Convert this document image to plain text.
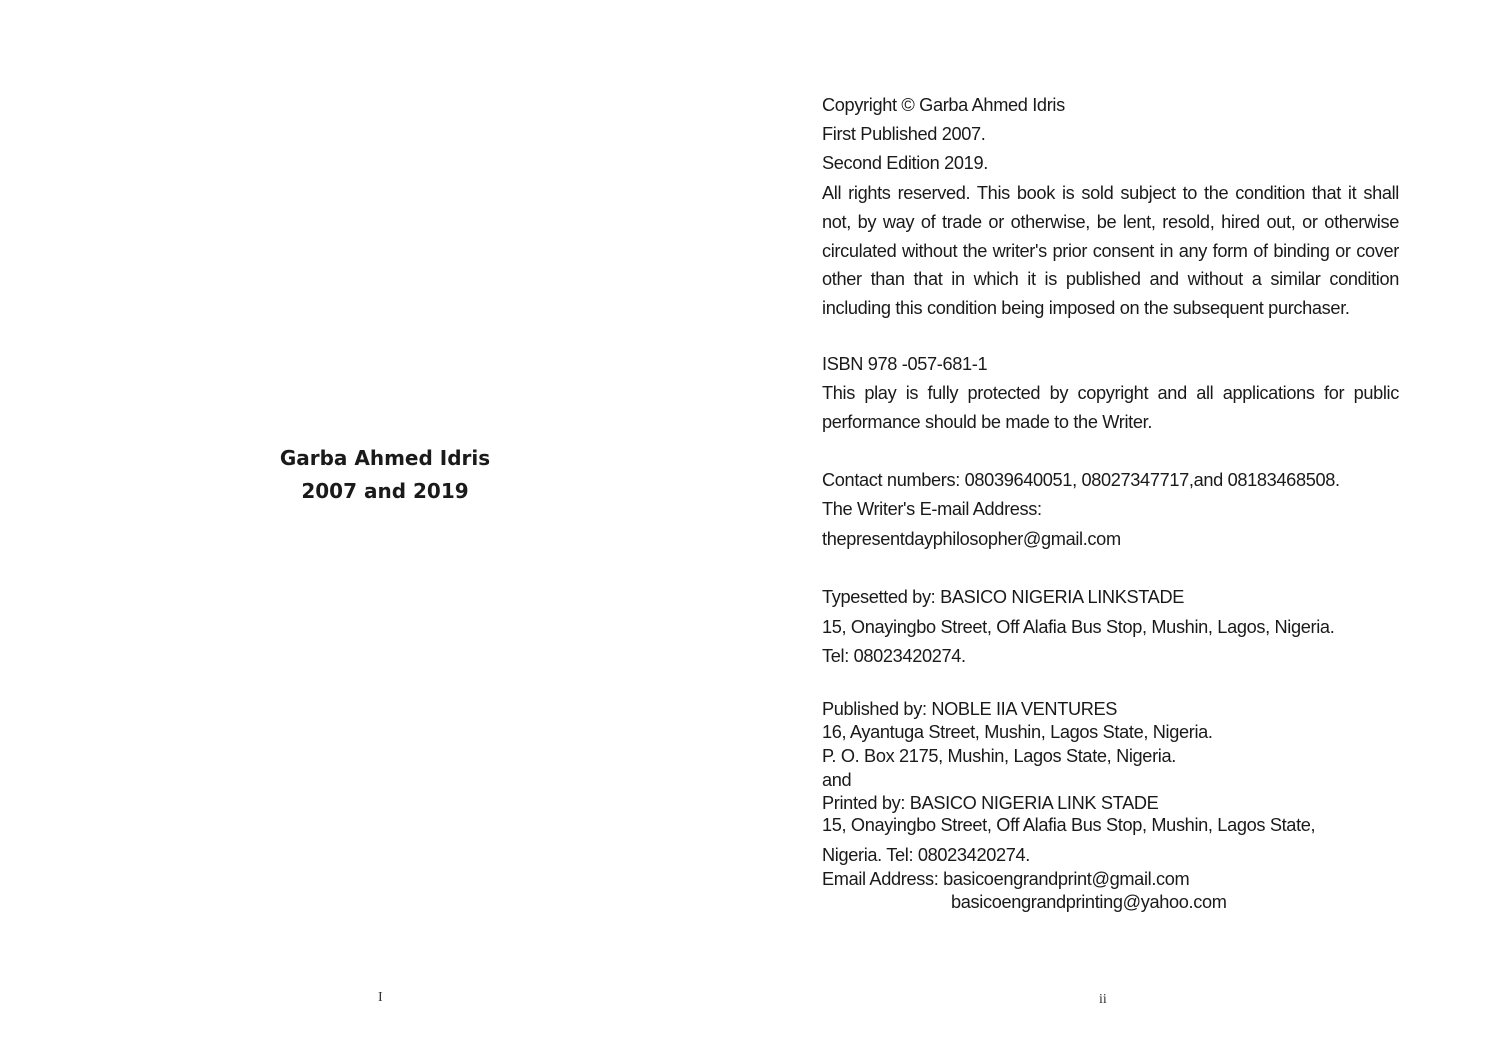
Garba Ahmed Idris
2007 and 2019
I
Copyright © Garba Ahmed Idris
First Published 2007.
Second Edition 2019.
All rights reserved. This book is sold subject to the condition that it shall not, by way of trade or otherwise, be lent, resold, hired out, or otherwise circulated without the writer's prior consent in any form of binding or cover other than that in which it is published and without a similar condition including this condition being imposed on the subsequent purchaser.
ISBN 978 -057-681-1
This play is fully protected by copyright and all applications for public performance should be made to the Writer.
Contact numbers: 08039640051, 08027347717,and 08183468508.
The Writer's E-mail Address:
thepresentdayphilosopher@gmail.com
Typesetted by: BASICO NIGERIA LINKSTADE
15, Onayingbo Street, Off Alafia Bus Stop, Mushin, Lagos, Nigeria.
Tel: 08023420274.
Published by: NOBLE IIA VENTURES
16, Ayantuga Street, Mushin, Lagos State, Nigeria.
P. O. Box 2175, Mushin, Lagos State, Nigeria.
and
Printed by: BASICO NIGERIA LINK STADE
15, Onayingbo Street, Off Alafia Bus Stop, Mushin, Lagos State,
Nigeria. Tel: 08023420274.
Email Address: basicoengrandprint@gmail.com
basicoengrandprinting@yahoo.com
ii
